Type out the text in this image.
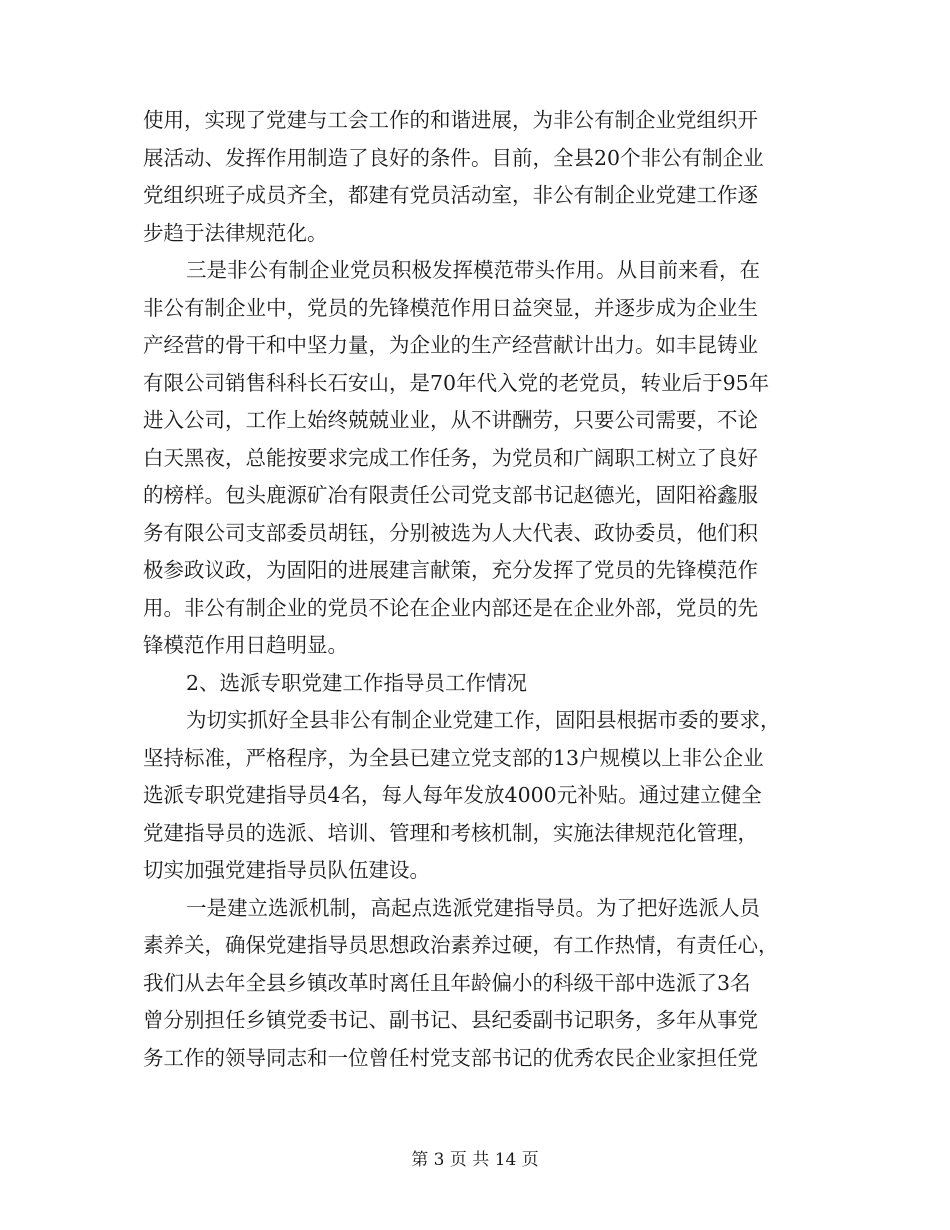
使用，实现了党建与工会工作的和谐进展，为非公有制企业党组织开
展活动、发挥作用制造了良好的条件。目前，全县20个非公有制企业
党组织班子成员齐全，都建有党员活动室，非公有制企业党建工作逐
步趋于法律规范化。
三是非公有制企业党员积极发挥模范带头作用。从目前来看，在
非公有制企业中，党员的先锋模范作用日益突显，并逐步成为企业生
产经营的骨干和中坚力量，为企业的生产经营献计出力。如丰昆铸业
有限公司销售科科长石安山，是70年代入党的老党员，转业后于95年
进入公司，工作上始终兢兢业业，从不讲酬劳，只要公司需要，不论
白天黑夜，总能按要求完成工作任务，为党员和广阔职工树立了良好
的榜样。包头鹿源矿冶有限责任公司党支部书记赵德光，固阳裕鑫服
务有限公司支部委员胡钰，分别被选为人大代表、政协委员，他们积
极参政议政，为固阳的进展建言献策，充分发挥了党员的先锋模范作
用。非公有制企业的党员不论在企业内部还是在企业外部，党员的先
锋模范作用日趋明显。
2、选派专职党建工作指导员工作情况
为切实抓好全县非公有制企业党建工作，固阳县根据市委的要求，
坚持标准，严格程序，为全县已建立党支部的13户规模以上非公企业
选派专职党建指导员4名，每人每年发放4000元补贴。通过建立健全
党建指导员的选派、培训、管理和考核机制，实施法律规范化管理，
切实加强党建指导员队伍建设。
一是建立选派机制，高起点选派党建指导员。为了把好选派人员
素养关，确保党建指导员思想政治素养过硬，有工作热情，有责任心，
我们从去年全县乡镇改革时离任且年龄偏小的科级干部中选派了3名
曾分别担任乡镇党委书记、副书记、县纪委副书记职务，多年从事党
务工作的领导同志和一位曾任村党支部书记的优秀农民企业家担任党
第 3 页 共 14 页
